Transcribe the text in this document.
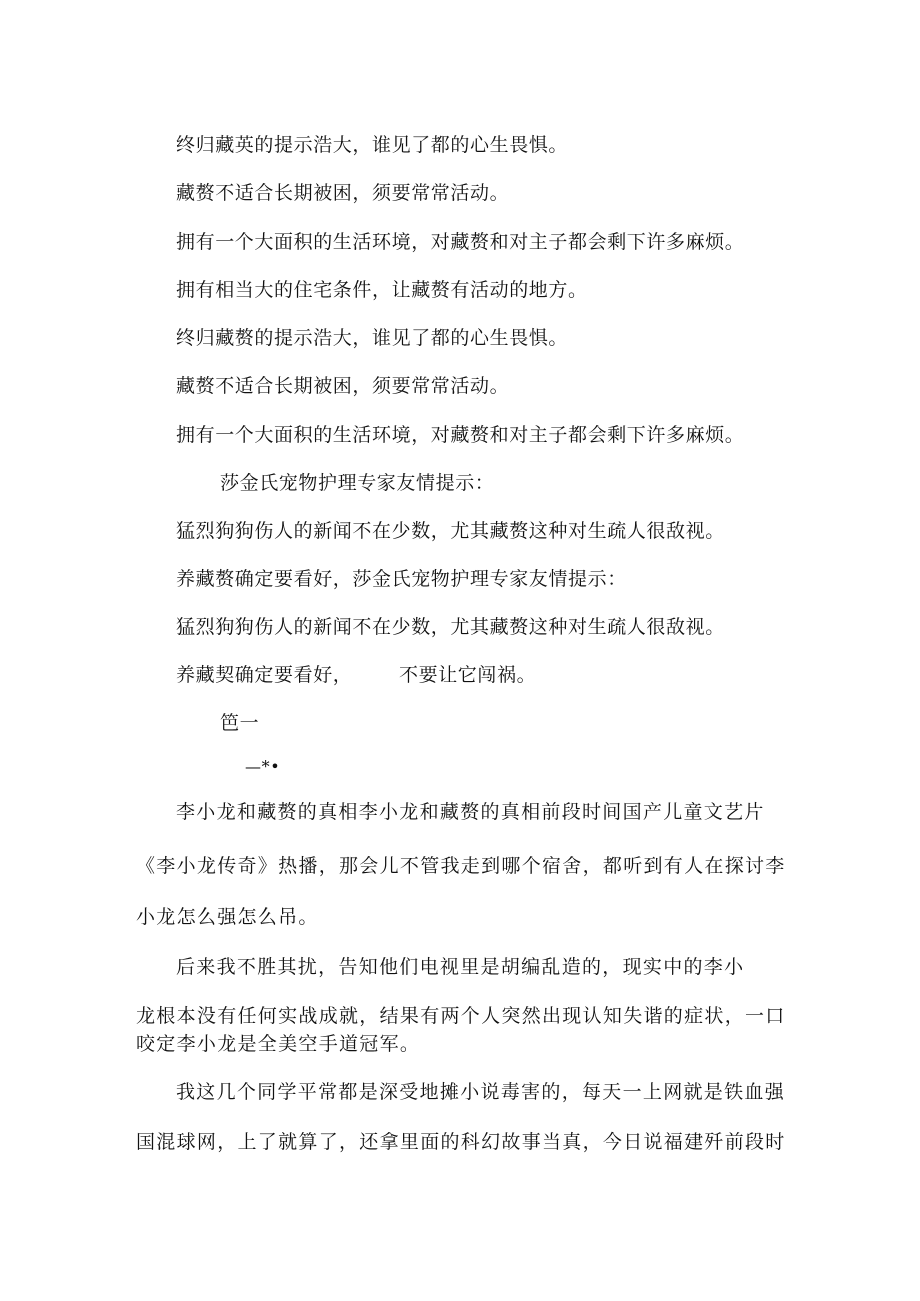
终归藏英的提示浩大，谁见了都的心生畏惧。

藏赘不适合长期被困，须要常常活动。

拥有一个大面积的生活环境，对藏赘和对主子都会剩下许多麻烦。

拥有相当大的住宅条件，让藏赘有活动的地方。

终归藏赘的提示浩大，谁见了都的心生畏惧。

藏赘不适合长期被困，须要常常活动。

拥有一个大面积的生活环境，对藏赘和对主子都会剩下许多麻烦。

莎金氏宠物护理专家友情提示：

猛烈狗狗伤人的新闻不在少数，尤其藏赘这种对生疏人很敌视。

养藏赘确定要看好，莎金氏宠物护理专家友情提示：

猛烈狗狗伤人的新闻不在少数，尤其藏赘这种对生疏人很敌视。

养藏契确定要看好， 不要让它闯祸。

笆一

—*•

李小龙和藏赘的真相李小龙和藏赘的真相前段时间国产儿童文艺片

《李小龙传奇》热播，那会儿不管我走到哪个宿舍，都听到有人在探讨李

小龙怎么强怎么吊。

后来我不胜其扰，告知他们电视里是胡编乱造的，现实中的李小

龙根本没有任何实战成就，结果有两个人突然出现认知失谐的症状，一口

咬定李小龙是全美空手道冠军。

我这几个同学平常都是深受地摊小说毒害的，每天一上网就是铁血强

国混球网，上了就算了，还拿里面的科幻故事当真，今日说福建歼前段时
